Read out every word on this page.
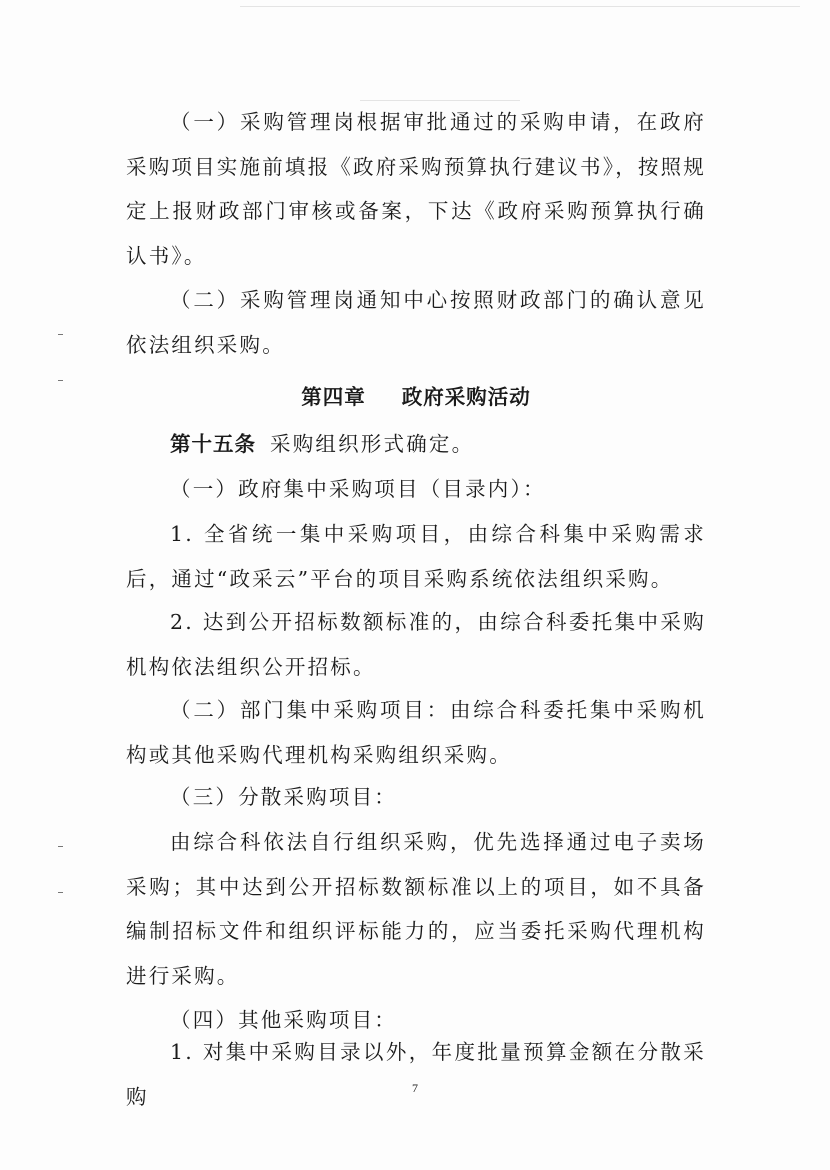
（一）采购管理岗根据审批通过的采购申请，在政府采购项目实施前填报《政府采购预算执行建议书》，按照规定上报财政部门审核或备案，下达《政府采购预算执行确认书》。

（二）采购管理岗通知中心按照财政部门的确认意见依法组织采购。

第四章 政府采购活动

第十五条 采购组织形式确定。

（一）政府集中采购项目（目录内）：

1. 全省统一集中采购项目，由综合科集中采购需求后，通过“政采云”平台的项目采购系统依法组织采购。

2. 达到公开招标数额标准的，由综合科委托集中采购机构依法组织公开招标。

（二）部门集中采购项目：由综合科委托集中采购机构或其他采购代理机构采购组织采购。

（三）分散采购项目：

由综合科依法自行组织采购，优先选择通过电子卖场采购；其中达到公开招标数额标准以上的项目，如不具备编制招标文件和组织评标能力的，应当委托采购代理机构进行采购。

（四）其他采购项目：

1. 对集中采购目录以外，年度批量预算金额在分散采购	7
